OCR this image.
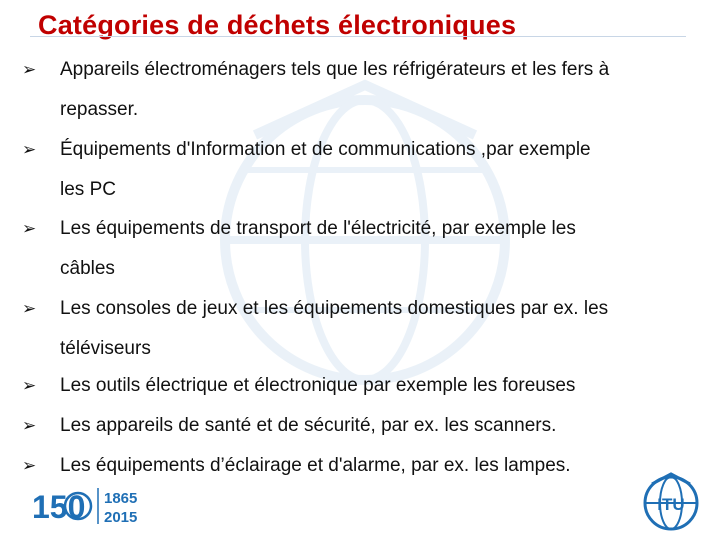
Catégories de déchets électroniques
➢ Appareils électroménagers tels que les réfrigérateurs et les fers à
repasser.
➢ Équipements d'Information et de communications ,par exemple
les PC
➢ Les équipements de transport de l'électricité, par exemple les
câbles
➢ Les consoles de jeux et les équipements domestiques par ex. les
téléviseurs
➢ Les outils électrique et électronique par exemple les foreuses
➢ Les appareils de santé et de sécurité, par ex. les scanners.
➢ Les équipements d’éclairage et d'alarme, par ex. les lampes.
150 1865
2015
ITU
